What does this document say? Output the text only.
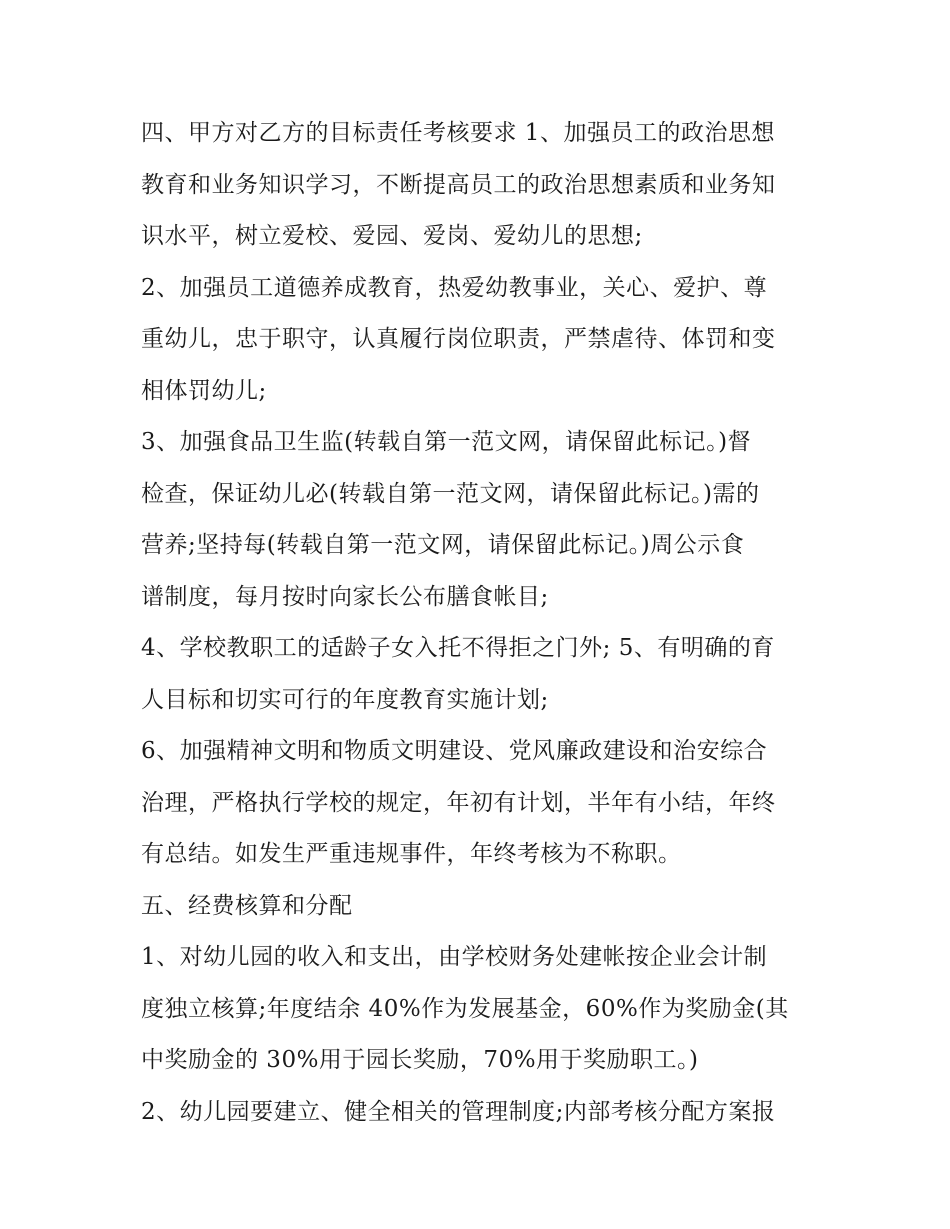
四、甲方对乙方的目标责任考核要求 1、加强员工的政治思想
教育和业务知识学习，不断提高员工的政治思想素质和业务知
识水平，树立爱校、爱园、爱岗、爱幼儿的思想;
2、加强员工道德养成教育，热爱幼教事业，关心、爱护、尊
重幼儿，忠于职守，认真履行岗位职责，严禁虐待、体罚和变
相体罚幼儿;
3、加强食品卫生监(转载自第一范文网，请保留此标记。)督
检查，保证幼儿必(转载自第一范文网，请保留此标记。)需的
营养;坚持每(转载自第一范文网，请保留此标记。)周公示食
谱制度，每月按时向家长公布膳食帐目;
4、学校教职工的适龄子女入托不得拒之门外; 5、有明确的育
人目标和切实可行的年度教育实施计划;
6、加强精神文明和物质文明建设、党风廉政建设和治安综合
治理，严格执行学校的规定，年初有计划，半年有小结，年终
有总结。如发生严重违规事件，年终考核为不称职。
五、经费核算和分配
1、对幼儿园的收入和支出，由学校财务处建帐按企业会计制
度独立核算;年度结余 40%作为发展基金，60%作为奖励金(其
中奖励金的 30%用于园长奖励，70%用于奖励职工。)
2、幼儿园要建立、健全相关的管理制度;内部考核分配方案报
